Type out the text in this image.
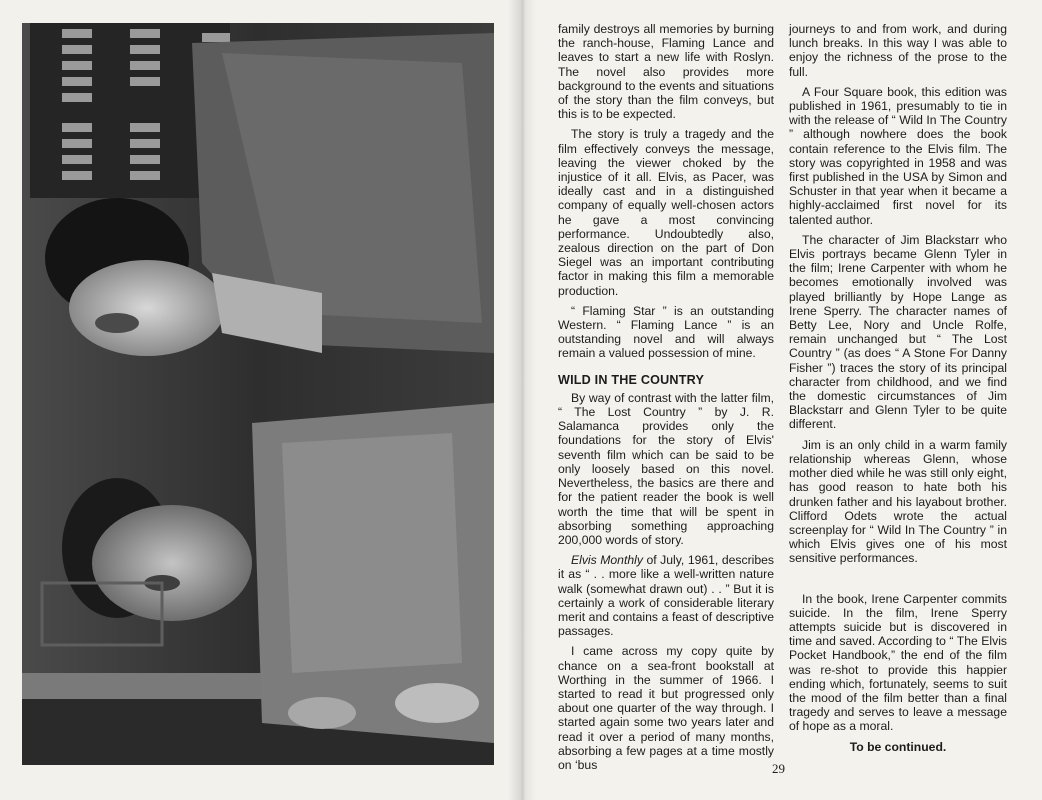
family destroys all memories by burning the ranch-house, Flaming Lance and leaves to start a new life with Roslyn. The novel also provides more background to the events and situations of the story than the film conveys, but this is to be expected.

The story is truly a tragedy and the film effectively conveys the message, leaving the viewer choked by the injustice of it all. Elvis, as Pacer, was ideally cast and in a distinguished company of equally well-chosen actors he gave a most convincing performance. Undoubtedly also, zealous direction on the part of Don Siegel was an important contributing factor in making this film a memorable production.

“ Flaming Star ” is an outstanding Western. “ Flaming Lance ” is an outstanding novel and will always remain a valued possession of mine.

WILD IN THE COUNTRY

By way of contrast with the latter film, “ The Lost Country ” by J. R. Salamanca provides only the foundations for the story of Elvis' seventh film which can be said to be only loosely based on this novel. Nevertheless, the basics are there and for the patient reader the book is well worth the time that will be spent in absorbing something approaching 200,000 words of story.

Elvis Monthly of July, 1961, describes it as “ . . more like a well-written nature walk (somewhat drawn out) . . ” But it is certainly a work of considerable literary merit and contains a feast of descriptive passages.

I came across my copy quite by chance on a sea-front bookstall at Worthing in the summer of 1966. I started to read it but progressed only about one quarter of the way through. I started again some two years later and read it over a period of many months, absorbing a few pages at a time mostly on ‘bus

journeys to and from work, and during lunch breaks. In this way I was able to enjoy the richness of the prose to the full.

A Four Square book, this edition was published in 1961, presumably to tie in with the release of “ Wild In The Country ” although nowhere does the book contain reference to the Elvis film. The story was copyrighted in 1958 and was first published in the USA by Simon and Schuster in that year when it became a highly-acclaimed first novel for its talented author.

The character of Jim Blackstarr who Elvis portrays became Glenn Tyler in the film; Irene Carpenter with whom he becomes emotionally involved was played brilliantly by Hope Lange as Irene Sperry. The character names of Betty Lee, Nory and Uncle Rolfe, remain unchanged but “ The Lost Country ” (as does “ A Stone For Danny Fisher ”) traces the story of its principal character from childhood, and we find the domestic circumstances of Jim Blackstarr and Glenn Tyler to be quite different.

Jim is an only child in a warm family relationship whereas Glenn, whose mother died while he was still only eight, has good reason to hate both his drunken father and his layabout brother. Clifford Odets wrote the actual screenplay for “ Wild In The Country ” in which Elvis gives one of his most sensitive performances.

In the book, Irene Carpenter commits suicide. In the film, Irene Sperry attempts suicide but is discovered in time and saved. According to “ The Elvis Pocket Handbook,” the end of the film was re-shot to provide this happier ending which, fortunately, seems to suit the mood of the film better than a final tragedy and serves to leave a message of hope as a moral.

To be continued.

29
